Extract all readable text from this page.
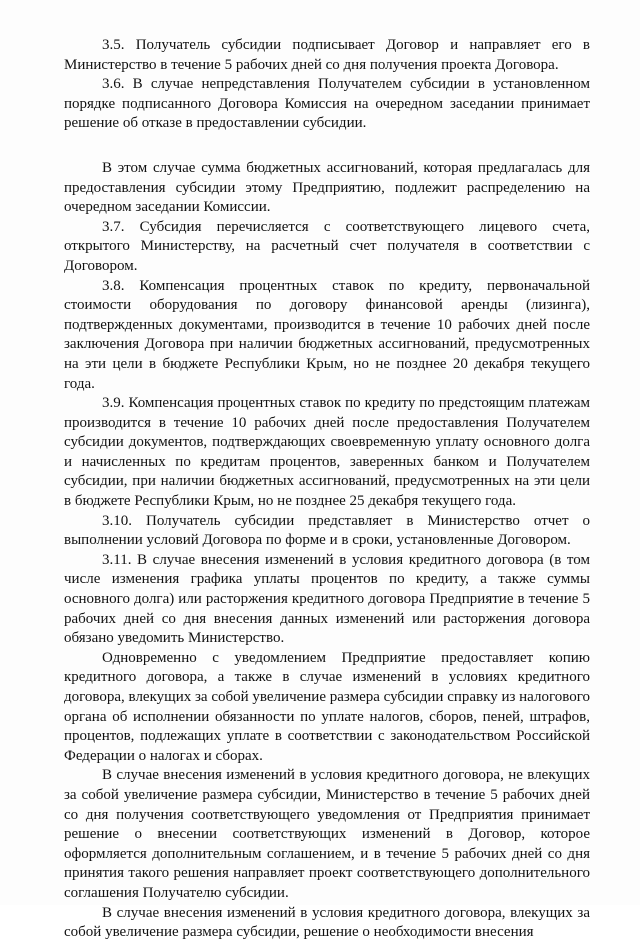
3.5. Получатель субсидии подписывает Договор и направляет его в Министерство в течение 5 рабочих дней со дня получения проекта Договора.

3.6. В случае непредставления Получателем субсидии в установленном порядке подписанного Договора Комиссия на очередном заседании принимает решение об отказе в предоставлении субсидии.

В этом случае сумма бюджетных ассигнований, которая предлагалась для предоставления субсидии этому Предприятию, подлежит распределению на очередном заседании Комиссии.

3.7. Субсидия перечисляется с соответствующего лицевого счета, открытого Министерству, на расчетный счет получателя в соответствии с Договором.

3.8. Компенсация процентных ставок по кредиту, первоначальной стоимости оборудования по договору финансовой аренды (лизинга), подтвержденных документами, производится в течение 10 рабочих дней после заключения Договора при наличии бюджетных ассигнований, предусмотренных на эти цели в бюджете Республики Крым, но не позднее 20 декабря текущего года.

3.9. Компенсация процентных ставок по кредиту по предстоящим платежам производится в течение 10 рабочих дней после предоставления Получателем субсидии документов, подтверждающих своевременную уплату основного долга и начисленных по кредитам процентов, заверенных банком и Получателем субсидии, при наличии бюджетных ассигнований, предусмотренных на эти цели в бюджете Республики Крым, но не позднее 25 декабря текущего года.

3.10. Получатель субсидии представляет в Министерство отчет о выполнении условий Договора по форме и в сроки, установленные Договором.

3.11. В случае внесения изменений в условия кредитного договора (в том числе изменения графика уплаты процентов по кредиту, а также суммы основного долга) или расторжения кредитного договора Предприятие в течение 5 рабочих дней со дня внесения данных изменений или расторжения договора обязано уведомить Министерство.

Одновременно с уведомлением Предприятие предоставляет копию кредитного договора, а также в случае изменений в условиях кредитного договора, влекущих за собой увеличение размера субсидии справку из налогового органа об исполнении обязанности по уплате налогов, сборов, пеней, штрафов, процентов, подлежащих уплате в соответствии с законодательством Российской Федерации о налогах и сборах.

В случае внесения изменений в условия кредитного договора, не влекущих за собой увеличение размера субсидии, Министерство в течение 5 рабочих дней со дня получения соответствующего уведомления от Предприятия принимает решение о внесении соответствующих изменений в Договор, которое оформляется дополнительным соглашением, и в течение 5 рабочих дней со дня принятия такого решения направляет проект соответствующего дополнительного соглашения Получателю субсидии.

В случае внесения изменений в условия кредитного договора, влекущих за собой увеличение размера субсидии, решение о необходимости внесения
